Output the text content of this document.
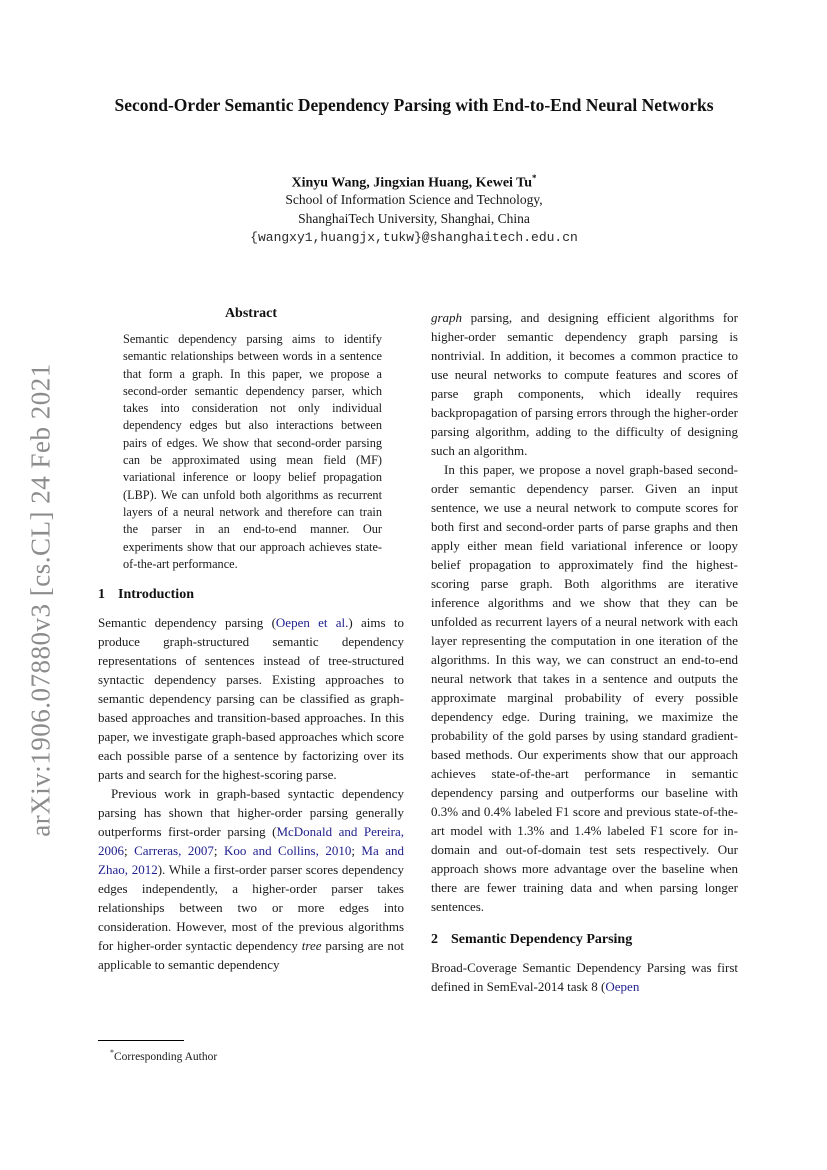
arXiv:1906.07880v3 [cs.CL] 24 Feb 2021
Second-Order Semantic Dependency Parsing with End-to-End Neural Networks
Xinyu Wang, Jingxian Huang, Kewei Tu*
School of Information Science and Technology,
ShanghaiTech University, Shanghai, China
{wangxy1,huangjx,tukw}@shanghaitech.edu.cn
Abstract

Semantic dependency parsing aims to identify semantic relationships between words in a sentence that form a graph. In this paper, we propose a second-order semantic dependency parser, which takes into consideration not only individual dependency edges but also interactions between pairs of edges. We show that second-order parsing can be approximated using mean field (MF) variational inference or loopy belief propagation (LBP). We can unfold both algorithms as recurrent layers of a neural network and therefore can train the parser in an end-to-end manner. Our experiments show that our approach achieves state-of-the-art performance.

1 Introduction

Semantic dependency parsing (Oepen et al.) aims to produce graph-structured semantic dependency representations of sentences instead of tree-structured syntactic dependency parses. Existing approaches to semantic dependency parsing can be classified as graph-based approaches and transition-based approaches. In this paper, we investigate graph-based approaches which score each possible parse of a sentence by factorizing over its parts and search for the highest-scoring parse.

Previous work in graph-based syntactic dependency parsing has shown that higher-order parsing generally outperforms first-order parsing (McDonald and Pereira, 2006; Carreras, 2007; Koo and Collins, 2010; Ma and Zhao, 2012). While a first-order parser scores dependency edges independently, a higher-order parser takes relationships between two or more edges into consideration. However, most of the previous algorithms for higher-order syntactic dependency tree parsing are not applicable to semantic dependency

graph parsing, and designing efficient algorithms for higher-order semantic dependency graph parsing is nontrivial. In addition, it becomes a common practice to use neural networks to compute features and scores of parse graph components, which ideally requires backpropagation of parsing errors through the higher-order parsing algorithm, adding to the difficulty of designing such an algorithm.

In this paper, we propose a novel graph-based second-order semantic dependency parser. Given an input sentence, we use a neural network to compute scores for both first and second-order parts of parse graphs and then apply either mean field variational inference or loopy belief propagation to approximately find the highest-scoring parse graph. Both algorithms are iterative inference algorithms and we show that they can be unfolded as recurrent layers of a neural network with each layer representing the computation in one iteration of the algorithms. In this way, we can construct an end-to-end neural network that takes in a sentence and outputs the approximate marginal probability of every possible dependency edge. During training, we maximize the probability of the gold parses by using standard gradient-based methods. Our experiments show that our approach achieves state-of-the-art performance in semantic dependency parsing and outperforms our baseline with 0.3% and 0.4% labeled F1 score and previous state-of-the-art model with 1.3% and 1.4% labeled F1 score for in-domain and out-of-domain test sets respectively. Our approach shows more advantage over the baseline when there are fewer training data and when parsing longer sentences.

2 Semantic Dependency Parsing

Broad-Coverage Semantic Dependency Parsing was first defined in SemEval-2014 task 8 (Oepen

*Corresponding Author
